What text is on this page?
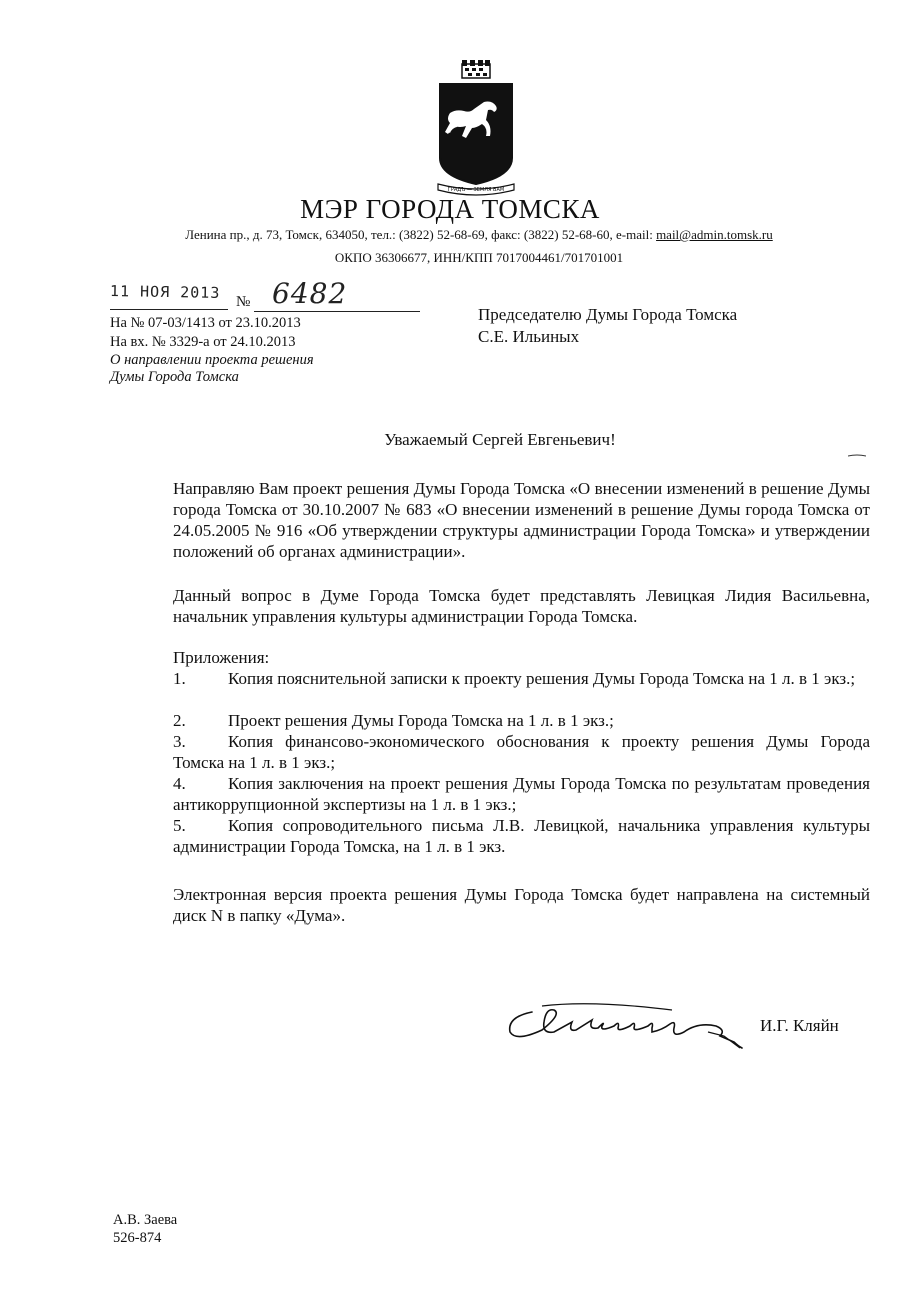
ГРАДЪ — ЗЕМЛЯ ВАМ
МЭР ГОРОДА ТОМСКА
Ленина пр., д. 73, Томск, 634050, тел.: (3822) 52-68-69, факс: (3822) 52-68-60, e-mail: mail@admin.tomsk.ru
ОКПО 36306677, ИНН/КПП 7017004461/701701001
11 НОЯ 2013
№ 6482
На № 07-03/1413 от 23.10.2013
На вх. № 3329-а от 24.10.2013
О направлении проекта решения
Думы Города Томска
Председателю Думы Города Томска
С.Е. Ильиных
Уважаемый Сергей Евгеньевич!

Направляю Вам проект решения Думы Города Томска «О внесении изменений в решение Думы города Томска от 30.10.2007 № 683 «О внесении изменений в решение Думы города Томска от 24.05.2005 № 916 «Об утверждении структуры администрации Города Томска» и утверждении положений об органах администрации».

Данный вопрос в Думе Города Томска будет представлять Левицкая Лидия Васильевна, начальник управления культуры администрации Города Томска.

Приложения:
1.	Копия пояснительной записки к проекту решения Думы Города Томска на 1 л. в 1 экз.;
2.	Проект решения Думы Города Томска на 1 л. в 1 экз.;
3.	Копия финансово-экономического обоснования к проекту решения Думы Города Томска на 1 л. в 1 экз.;
4.	Копия заключения на проект решения Думы Города Томска по результатам проведения антикоррупционной экспертизы на 1 л. в 1 экз.;
5.	Копия сопроводительного письма Л.В. Левицкой, начальника управления культуры администрации Города Томска, на 1 л. в 1 экз.

Электронная версия проекта решения Думы Города Томска будет направлена на системный диск N в папку «Дума».

И.Г. Кляйн
А.В. Заева
526-874
